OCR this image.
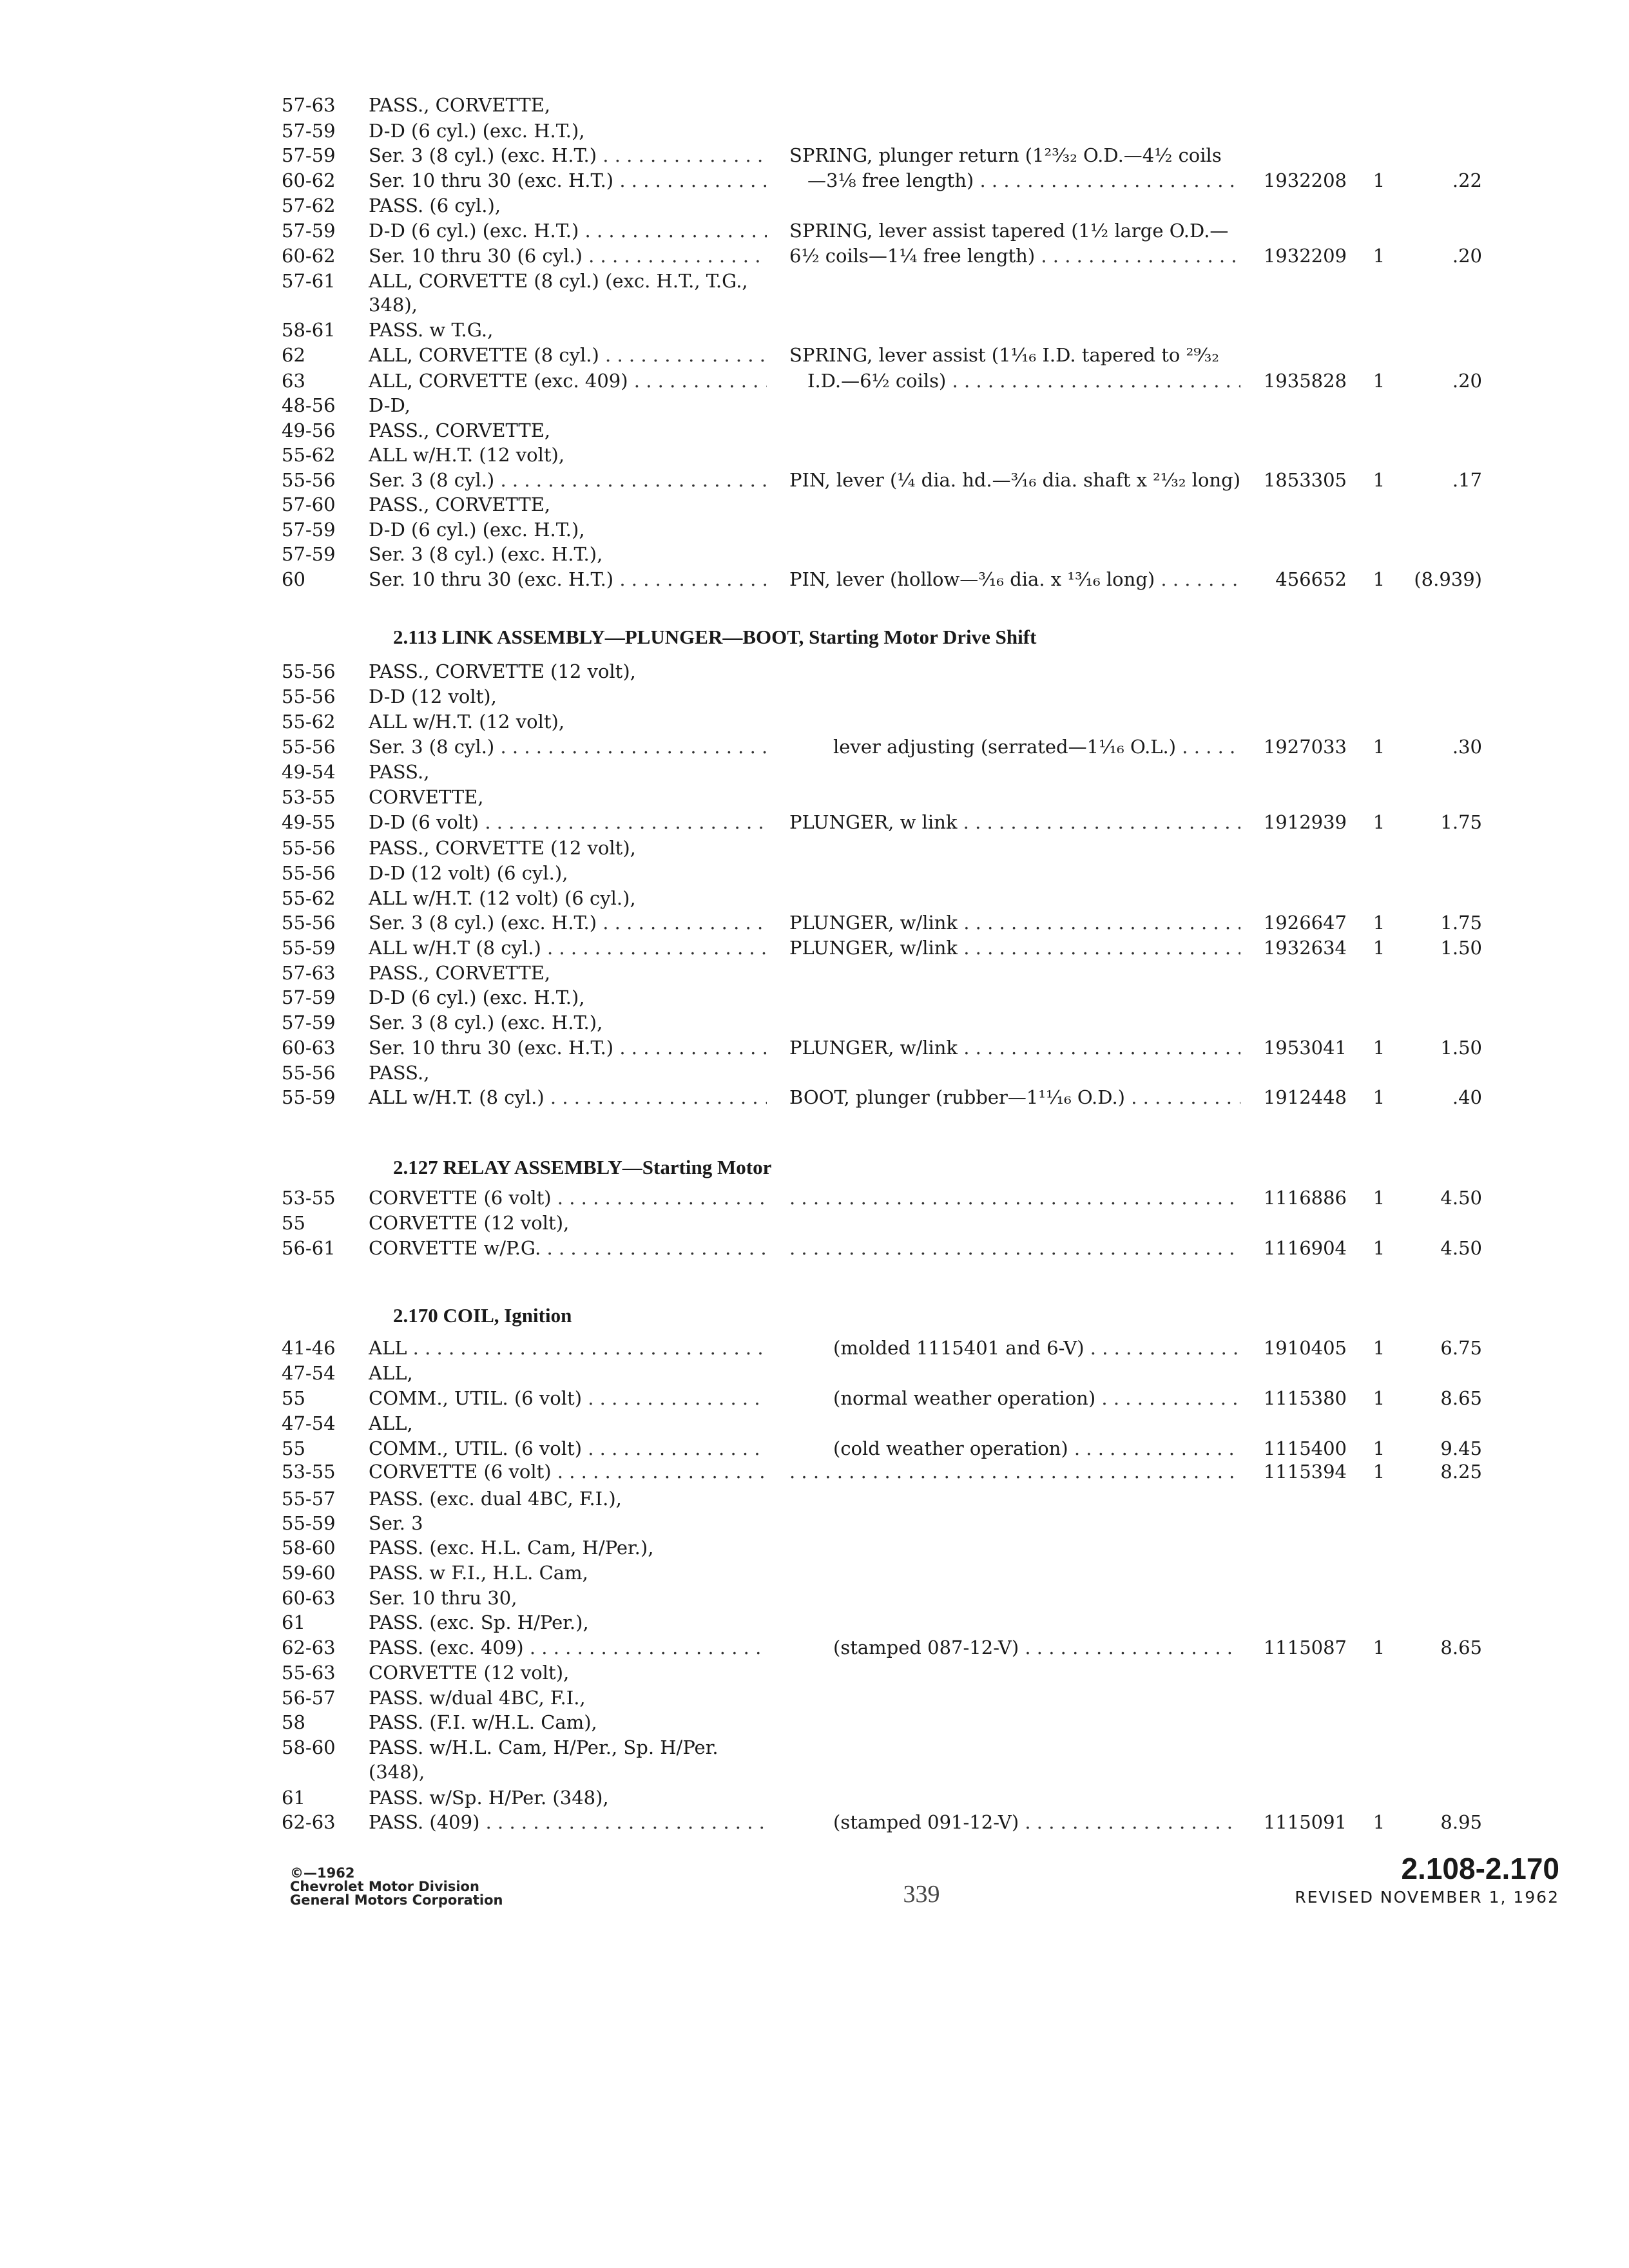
57-63	PASS., CORVETTE,
57-59	D-D (6 cyl.) (exc. H.T.),
57-59	Ser. 3 (8 cyl.) (exc. H.T.) . . .	SPRING, plunger return (1²³⁄₃₂ O.D.—4½ coils
60-62	Ser. 10 thru 30 (exc. H.T.) . . .	—3⅛ free length) . . .	1932208	1	.22
57-62	PASS. (6 cyl.),
57-59	D-D (6 cyl.) (exc. H.T.) . . .	SPRING, lever assist tapered (1½ large O.D.—
60-62	Ser. 10 thru 30 (6 cyl.) . . .	6½ coils—1¼ free length) . . .	1932209	1	.20
57-61	ALL, CORVETTE (8 cyl.) (exc. H.T., T.G.,
348),
58-61	PASS. w T.G.,
62	ALL, CORVETTE (8 cyl.) . . .	SPRING, lever assist (1¹⁄₁₆ I.D. tapered to ²⁹⁄₃₂
63	ALL, CORVETTE (exc. 409) . . .	I.D.—6½ coils) . . .	1935828	1	.20
48-56	D-D,
49-56	PASS., CORVETTE,
55-62	ALL w/H.T. (12 volt),
55-56	Ser. 3 (8 cyl.) . . .	PIN, lever (¼ dia. hd.—³⁄₁₆ dia. shaft x ²¹⁄₃₂ long) . . .	1853305	1	.17
57-60	PASS., CORVETTE,
57-59	D-D (6 cyl.) (exc. H.T.),
57-59	Ser. 3 (8 cyl.) (exc. H.T.),
60	Ser. 10 thru 30 (exc. H.T.) . . .	PIN, lever (hollow—³⁄₁₆ dia. x ¹³⁄₁₆ long) . . .	456652	1	(8.939)
55-56	PASS., CORVETTE (12 volt),
55-56	D-D (12 volt),
55-62	ALL w/H.T. (12 volt),
55-56	Ser. 3 (8 cyl.) . . .	lever adjusting (serrated—1¹⁄₁₆ O.L.) . . .	1927033	1	.30
49-54	PASS.,
53-55	CORVETTE,
49-55	D-D (6 volt) . . .	PLUNGER, w link . . .	1912939	1	1.75
55-56	PASS., CORVETTE (12 volt),
55-56	D-D (12 volt) (6 cyl.),
55-62	ALL w/H.T. (12 volt) (6 cyl.),
55-56	Ser. 3 (8 cyl.) (exc. H.T.) . . .	PLUNGER, w/link . . .	1926647	1	1.75
55-59	ALL w/H.T (8 cyl.) . . .	PLUNGER, w/link . . .	1932634	1	1.50
57-63	PASS., CORVETTE,
57-59	D-D (6 cyl.) (exc. H.T.),
57-59	Ser. 3 (8 cyl.) (exc. H.T.),
60-63	Ser. 10 thru 30 (exc. H.T.) . . .	PLUNGER, w/link . . .	1953041	1	1.50
55-56	PASS.,
55-59	ALL w/H.T. (8 cyl.) . . .	BOOT, plunger (rubber—1¹¹⁄₁₆ O.D.) . . .	1912448	1	.40
53-55	CORVETTE (6 volt) . . . . . .	1116886	1	4.50
55	CORVETTE (12 volt),
56-61	CORVETTE w/P.G. . . . . . .	1116904	1	4.50
41-46	ALL . . .	(molded 1115401 and 6-V) . . .	1910405	1	6.75
47-54	ALL,
55	COMM., UTIL. (6 volt) . . .	(normal weather operation) . . .	1115380	1	8.65
47-54	ALL,
55	COMM., UTIL. (6 volt) . . .	(cold weather operation) . . .	1115400	1	9.45
53-55	CORVETTE (6 volt) . . . . . .	1115394	1	8.25
55-57	PASS. (exc. dual 4BC, F.I.),
55-59	Ser. 3
58-60	PASS. (exc. H.L. Cam, H/Per.),
59-60	PASS. w F.I., H.L. Cam,
60-63	Ser. 10 thru 30,
61	PASS. (exc. Sp. H/Per.),
62-63	PASS. (exc. 409) . . .	(stamped 087-12-V) . . .	1115087	1	8.65
55-63	CORVETTE (12 volt),
56-57	PASS. w/dual 4BC, F.I.,
58	PASS. (F.I. w/H.L. Cam),
58-60	PASS. w/H.L. Cam, H/Per., Sp. H/Per.
(348),
61	PASS. w/Sp. H/Per. (348),
62-63	PASS. (409) . . .	(stamped 091-12-V) . . .	1115091	1	8.95
2.113 LINK ASSEMBLY—PLUNGER—BOOT, Starting Motor Drive Shift
2.127 RELAY ASSEMBLY—Starting Motor
2.170 COIL, Ignition
©—1962
Chevrolet Motor Division
General Motors Corporation	339
2.108-2.170
REVISED NOVEMBER 1, 1962
